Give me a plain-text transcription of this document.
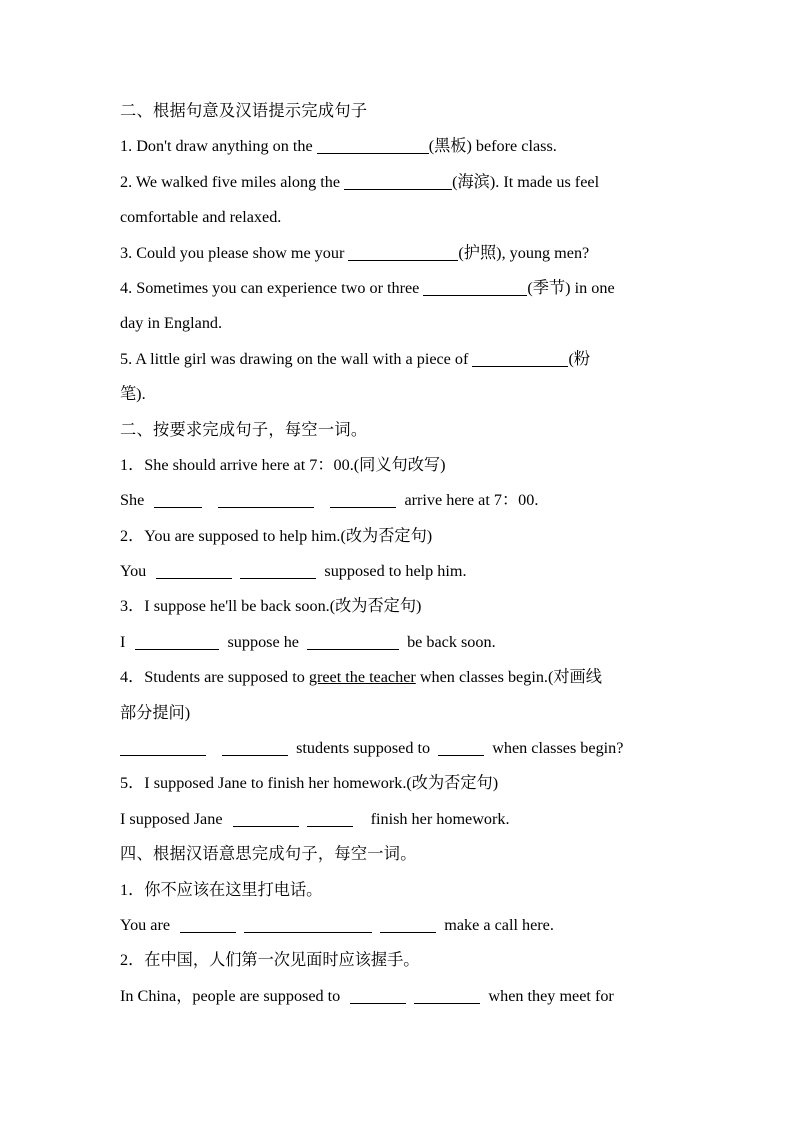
二、根据句意及汉语提示完成句子
1. Don't draw anything on the	(黑板) before class.
2. We walked five miles along the	(海滨). It made us feel
comfortable and relaxed.
3. Could you please show me your	(护照), young men?
4. Sometimes you can experience two or three	(季节) in one
day in England.
5. A little girl was drawing on the wall with a piece of	(粉
笔).
二、按要求完成句子，每空一词。
1．She should arrive here at 7：00.(同义句改写)
She	arrive here at 7：00.
2．You are supposed to help him.(改为否定句)
You	supposed to help him.
3．I suppose he'll be back soon.(改为否定句)
I	suppose he	be back soon.
4．Students are supposed to greet the teacher when classes begin.(对画线
部分提问)
students supposed to	when classes begin?
5．I supposed Jane to finish her homework.(改为否定句)
I supposed Jane	finish her homework.
四、根据汉语意思完成句子，每空一词。
1．你不应该在这里打电话。
You are	make a call here.
2．在中国，人们第一次见面时应该握手。
In China，people are supposed to	when they meet for
